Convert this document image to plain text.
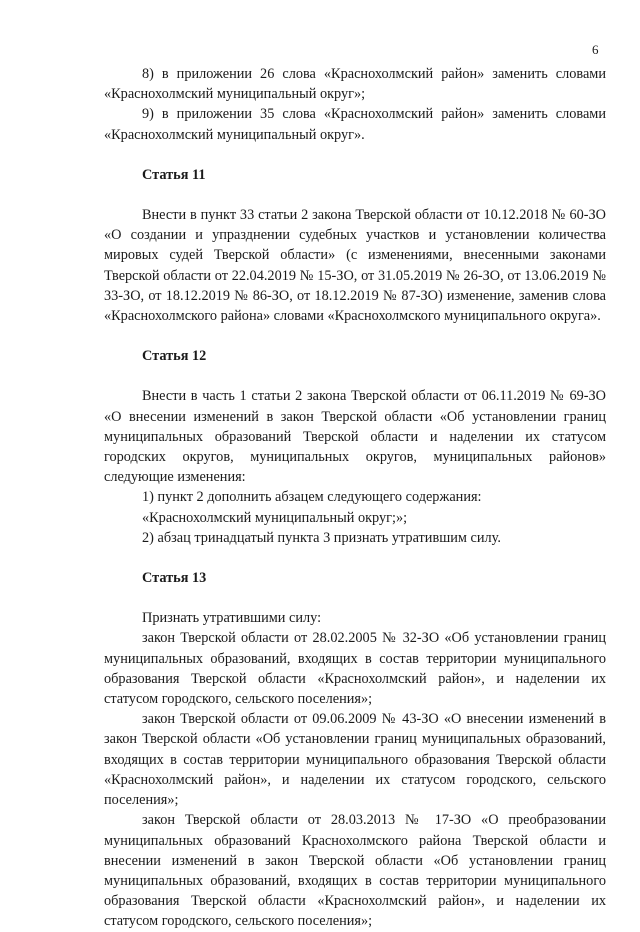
6

8) в приложении 26 слова «Краснохолмский район» заменить словами «Краснохолмский муниципальный округ»;

9) в приложении 35 слова «Краснохолмский район» заменить словами «Краснохолмский муниципальный округ».

Статья 11

Внести в пункт 33 статьи 2 закона Тверской области от 10.12.2018 № 60-ЗО «О создании и упразднении судебных участков и установлении количества мировых судей Тверской области» (с изменениями, внесенными законами Тверской области от 22.04.2019 № 15-ЗО, от 31.05.2019 № 26-ЗО, от 13.06.2019 № 33-ЗО, от 18.12.2019 № 86-ЗО, от 18.12.2019 № 87-ЗО) изменение, заменив слова «Краснохолмского района» словами «Краснохолмского муниципального округа».

Статья 12

Внести в часть 1 статьи 2 закона Тверской области от 06.11.2019 № 69-ЗО «О внесении изменений в закон Тверской области «Об установлении границ муниципальных образований Тверской области и наделении их статусом городских округов, муниципальных округов, муниципальных районов» следующие изменения:

1) пункт 2 дополнить абзацем следующего содержания:

«Краснохолмский муниципальный округ;»;

2) абзац тринадцатый пункта 3 признать утратившим силу.

Статья 13

Признать утратившими силу:

закон Тверской области от 28.02.2005 № 32-ЗО «Об установлении границ муниципальных образований, входящих в состав территории муниципального образования Тверской области «Краснохолмский район», и наделении их статусом городского, сельского поселения»;

закон Тверской области от 09.06.2009 № 43-ЗО «О внесении изменений в закон Тверской области «Об установлении границ муниципальных образований, входящих в состав территории муниципального образования Тверской области «Краснохолмский район», и наделении их статусом городского, сельского поселения»;

закон Тверской области от 28.03.2013 № 17-ЗО «О преобразовании муниципальных образований Краснохолмского района Тверской области и внесении изменений в закон Тверской области «Об установлении границ муниципальных образований, входящих в состав территории муниципального образования Тверской области «Краснохолмский район», и наделении их статусом городского, сельского поселения»;
